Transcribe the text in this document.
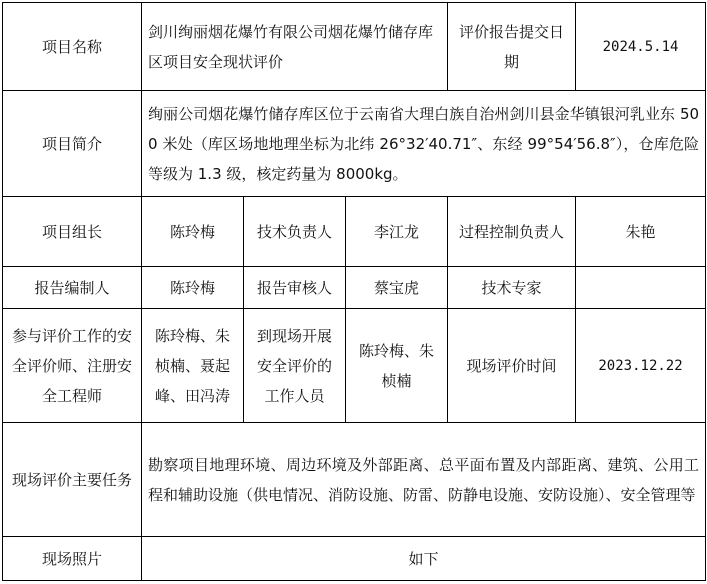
项目名称	剑川绚丽烟花爆竹有限公司烟花爆竹储存库区项目安全现状评价			评价报告提交日期	2024.5.14
项目简介	绚丽公司烟花爆竹储存库区位于云南省大理白族自治州剑川县金华镇银河乳业东 500 米处（库区场地地理坐标为北纬 26°32′40.71″、东经 99°54′56.8″），仓库危险等级为 1.3 级，核定药量为 8000kg。				
项目组长	陈玲梅	技术负责人	李江龙	过程控制负责人	朱艳
报告编制人	陈玲梅	报告审核人	蔡宝虎	技术专家	
参与评价工作的安全评价师、注册安全工程师	陈玲梅、朱桢楠、聂起峰、田冯涛	到现场开展安全评价的工作人员	陈玲梅、朱桢楠	现场评价时间	2023.12.22
现场评价主要任务	勘察项目地理环境、周边环境及外部距离、总平面布置及内部距离、建筑、公用工程和辅助设施（供电情况、消防设施、防雷、防静电设施、安防设施）、安全管理等				
现场照片	如下				
